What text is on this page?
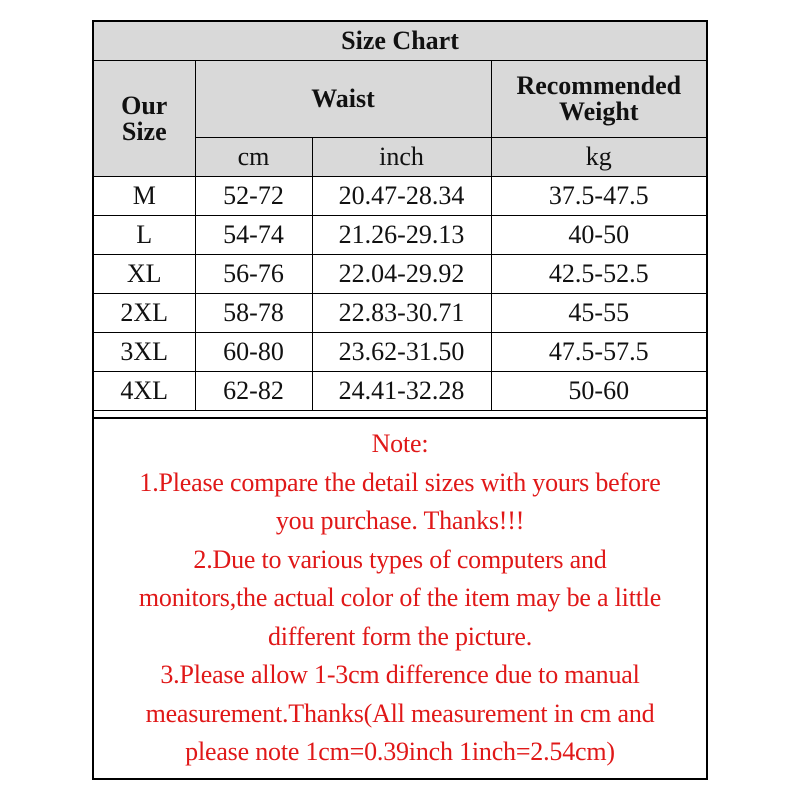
Size Chart			
Our
Size	Waist		Recommended
Weight
	cm	inch	kg
M	52-72	20.47-28.34	37.5-47.5
L	54-74	21.26-29.13	40-50
XL	56-76	22.04-29.92	42.5-52.5
2XL	58-78	22.83-30.71	45-55
3XL	60-80	23.62-31.50	47.5-57.5
4XL	62-82	24.41-32.28	50-60
Note:
1.Please compare the detail sizes with yours before
you purchase. Thanks!!!
2.Due to various types of computers and
monitors,the actual color of the item may be a little
different form the picture.
3.Please allow 1-3cm difference due to manual
measurement.Thanks(All measurement in cm and
please note 1cm=0.39inch 1inch=2.54cm)
